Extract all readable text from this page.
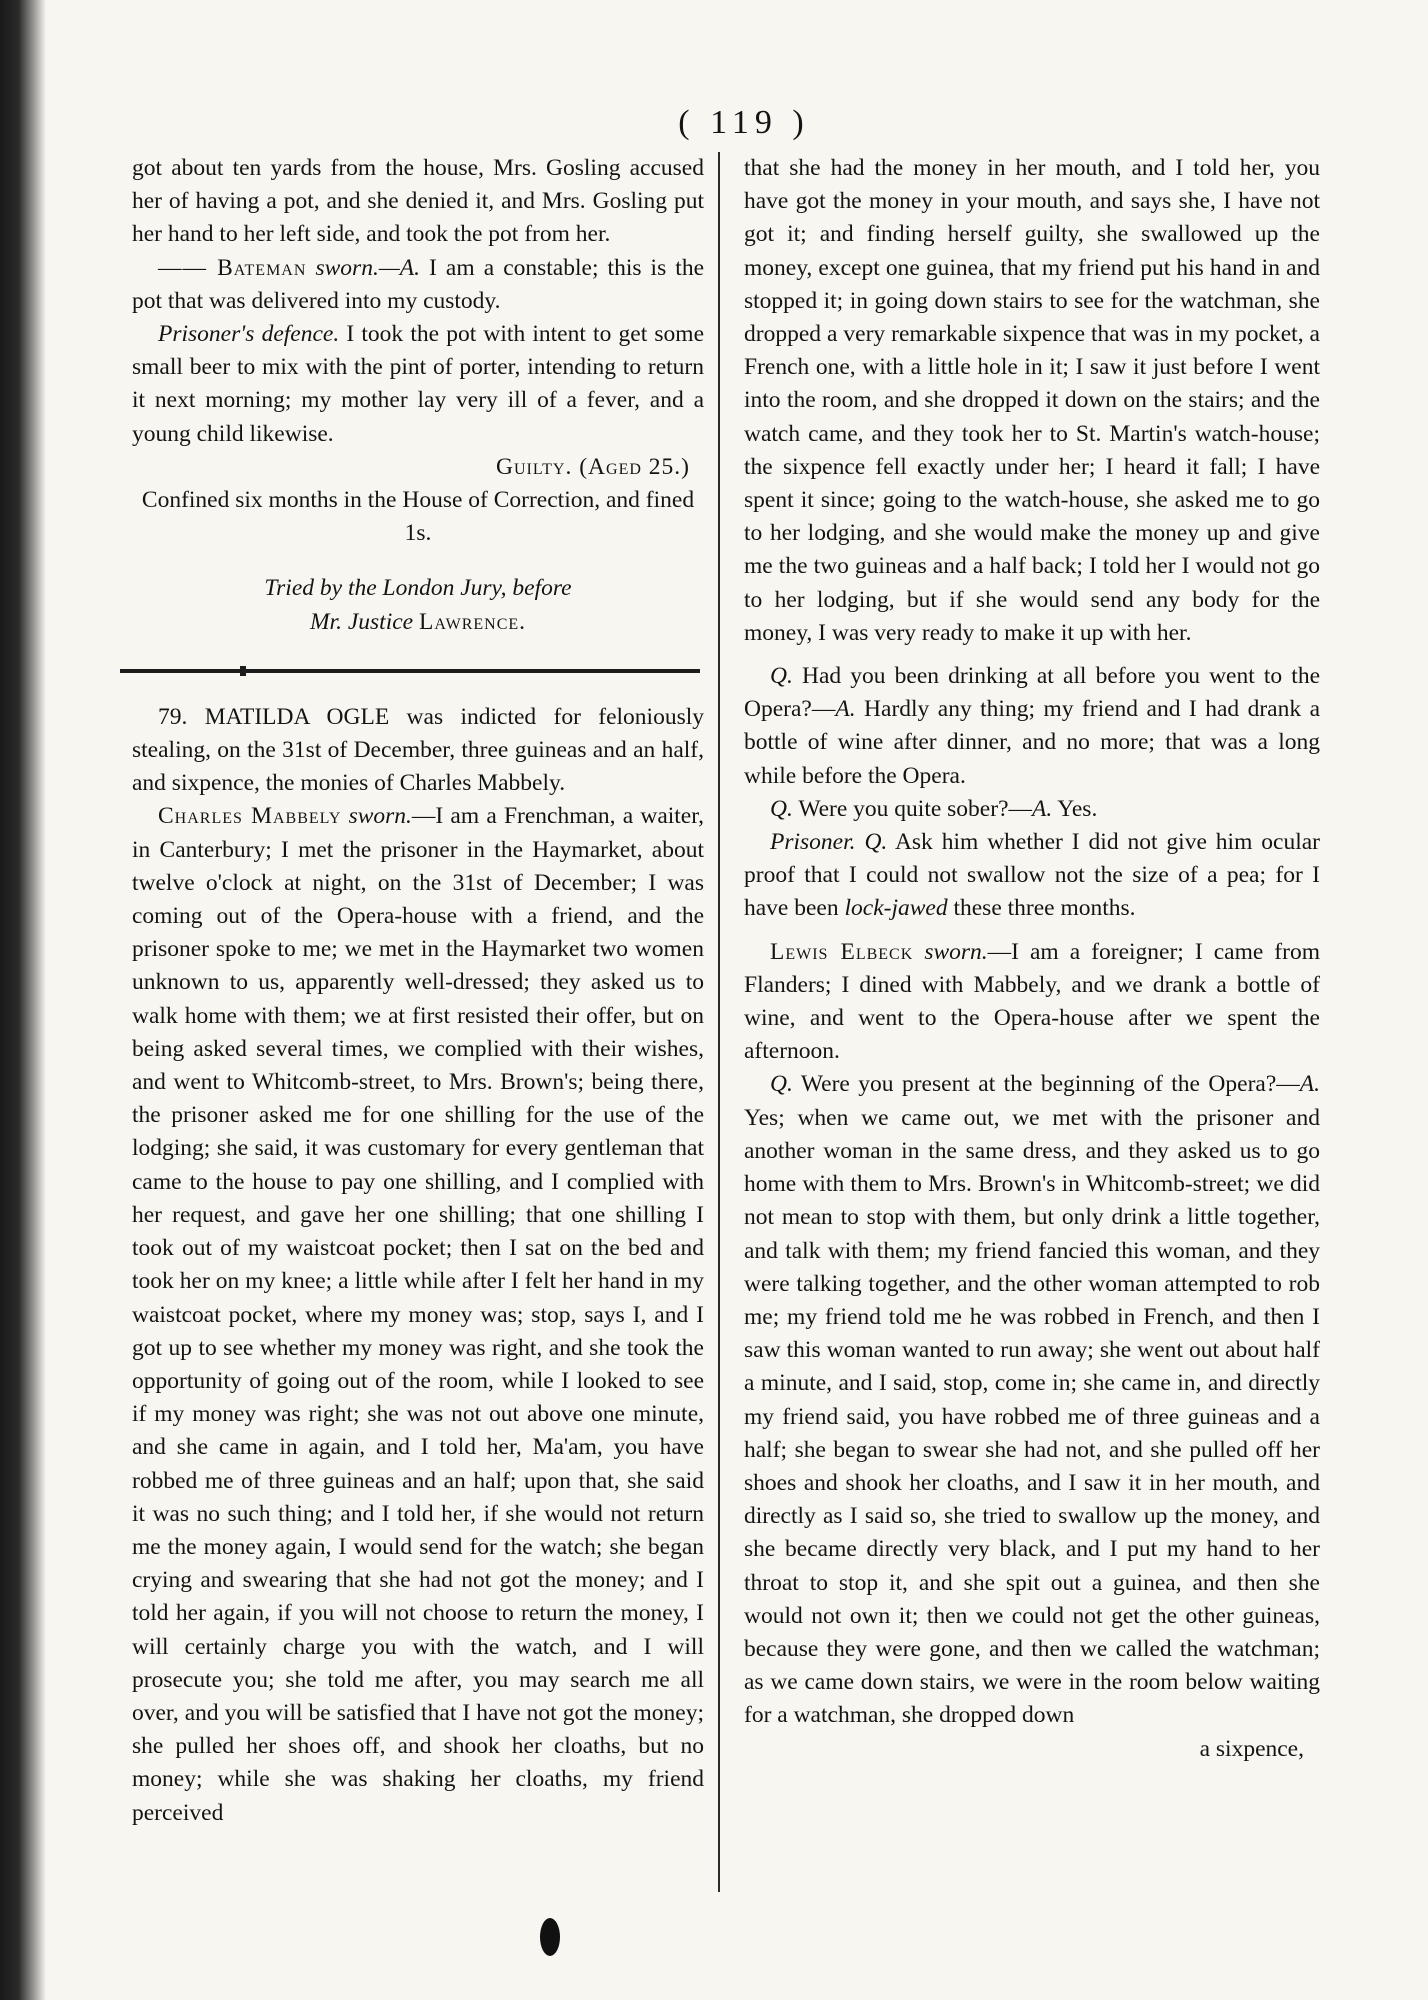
( 119 )

got about ten yards from the house, Mrs. Gosling accused her of having a pot, and she denied it, and Mrs. Gosling put her hand to her left side, and took the pot from her.

—— Bateman sworn.—A. I am a constable; this is the pot that was delivered into my custody.

Prisoner's defence. I took the pot with intent to get some small beer to mix with the pint of porter, intending to return it next morning; my mother lay very ill of a fever, and a young child likewise.

Guilty. (Aged 25.)

Confined six months in the House of Correction, and fined 1s.

Tried by the London Jury, before

Mr. Justice Lawrence.

79. MATILDA OGLE was indicted for feloniously stealing, on the 31st of December, three guineas and an half, and sixpence, the monies of Charles Mabbely.

Charles Mabbely sworn.—I am a Frenchman, a waiter, in Canterbury; I met the prisoner in the Haymarket, about twelve o'clock at night, on the 31st of December; I was coming out of the Opera-house with a friend, and the prisoner spoke to me; we met in the Haymarket two women unknown to us, apparently well-dressed; they asked us to walk home with them; we at first resisted their offer, but on being asked several times, we complied with their wishes, and went to Whitcomb-street, to Mrs. Brown's; being there, the prisoner asked me for one shilling for the use of the lodging; she said, it was customary for every gentleman that came to the house to pay one shilling, and I complied with her request, and gave her one shilling; that one shilling I took out of my waistcoat pocket; then I sat on the bed and took her on my knee; a little while after I felt her hand in my waistcoat pocket, where my money was; stop, says I, and I got up to see whether my money was right, and she took the opportunity of going out of the room, while I looked to see if my money was right; she was not out above one minute, and she came in again, and I told her, Ma'am, you have robbed me of three guineas and an half; upon that, she said it was no such thing; and I told her, if she would not return me the money again, I would send for the watch; she began crying and swearing that she had not got the money; and I told her again, if you will not choose to return the money, I will certainly charge you with the watch, and I will prosecute you; she told me after, you may search me all over, and you will be satisfied that I have not got the money; she pulled her shoes off, and shook her cloaths, but no money; while she was shaking her cloaths, my friend perceived

that she had the money in her mouth, and I told her, you have got the money in your mouth, and says she, I have not got it; and finding herself guilty, she swallowed up the money, except one guinea, that my friend put his hand in and stopped it; in going down stairs to see for the watchman, she dropped a very remarkable sixpence that was in my pocket, a French one, with a little hole in it; I saw it just before I went into the room, and she dropped it down on the stairs; and the watch came, and they took her to St. Martin's watch-house; the sixpence fell exactly under her; I heard it fall; I have spent it since; going to the watch-house, she asked me to go to her lodging, and she would make the money up and give me the two guineas and a half back; I told her I would not go to her lodging, but if she would send any body for the money, I was very ready to make it up with her.

Q. Had you been drinking at all before you went to the Opera?—A. Hardly any thing; my friend and I had drank a bottle of wine after dinner, and no more; that was a long while before the Opera.

Q. Were you quite sober?—A. Yes.

Prisoner. Q. Ask him whether I did not give him ocular proof that I could not swallow not the size of a pea; for I have been lock-jawed these three months.

Lewis Elbeck sworn.—I am a foreigner; I came from Flanders; I dined with Mabbely, and we drank a bottle of wine, and went to the Opera-house after we spent the afternoon.

Q. Were you present at the beginning of the Opera?—A. Yes; when we came out, we met with the prisoner and another woman in the same dress, and they asked us to go home with them to Mrs. Brown's in Whitcomb-street; we did not mean to stop with them, but only drink a little together, and talk with them; my friend fancied this woman, and they were talking together, and the other woman attempted to rob me; my friend told me he was robbed in French, and then I saw this woman wanted to run away; she went out about half a minute, and I said, stop, come in; she came in, and directly my friend said, you have robbed me of three guineas and a half; she began to swear she had not, and she pulled off her shoes and shook her cloaths, and I saw it in her mouth, and directly as I said so, she tried to swallow up the money, and she became directly very black, and I put my hand to her throat to stop it, and she spit out a guinea, and then she would not own it; then we could not get the other guineas, because they were gone, and then we called the watchman; as we came down stairs, we were in the room below waiting for a watchman, she dropped down

a sixpence,
